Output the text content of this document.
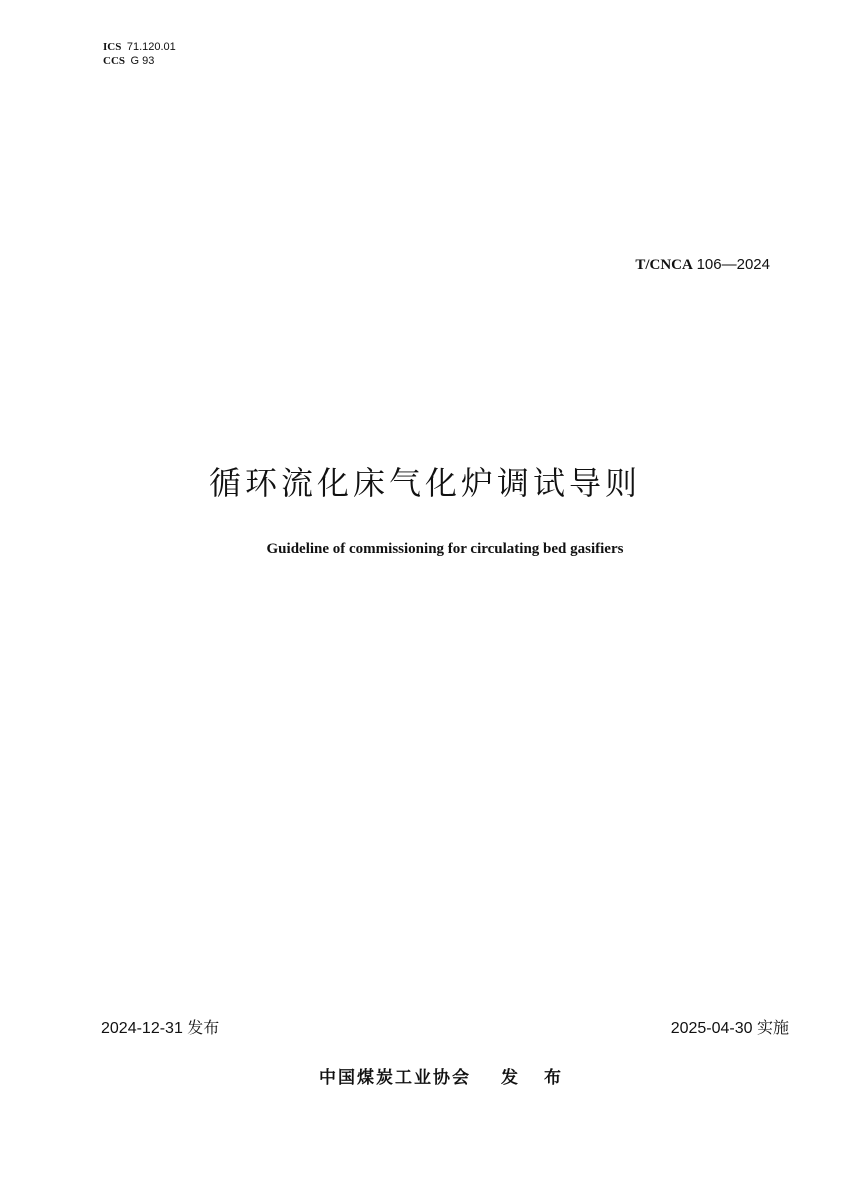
ICS 71.120.01
CCS G 93
T/CNCA 106—2024
循环流化床气化炉调试导则
Guideline of commissioning for circulating bed gasifiers
2024-12-31 发布	2025-04-30 实施
中国煤炭工业协会 发 布
